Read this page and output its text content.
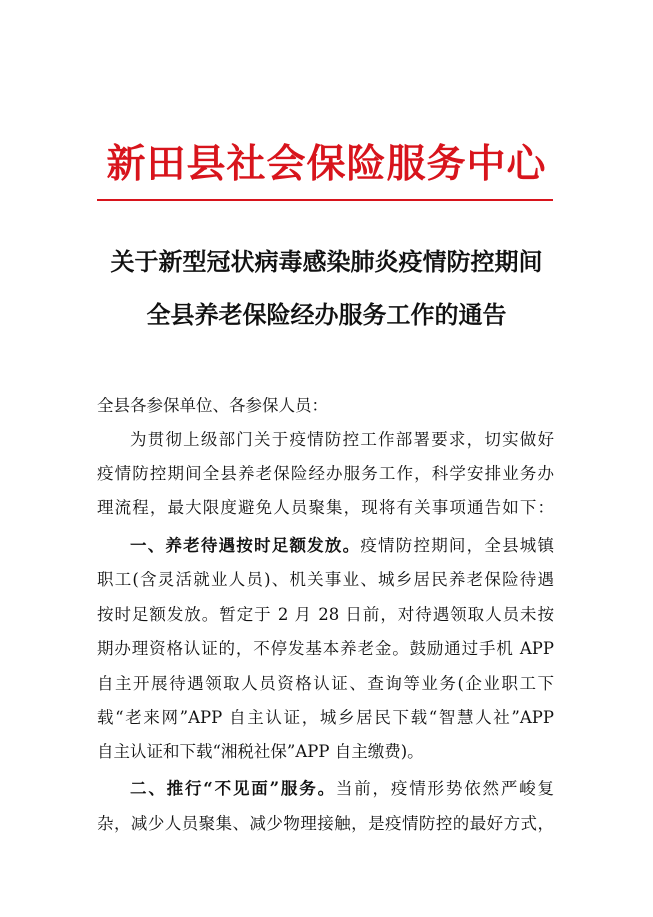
新田县社会保险服务中心
关于新型冠状病毒感染肺炎疫情防控期间
全县养老保险经办服务工作的通告
全县各参保单位、各参保人员：
为贯彻上级部门关于疫情防控工作部署要求，切实做好
疫情防控期间全县养老保险经办服务工作，科学安排业务办
理流程，最大限度避免人员聚集，现将有关事项通告如下：
一、养老待遇按时足额发放。疫情防控期间，全县城镇
职工(含灵活就业人员)、机关事业、城乡居民养老保险待遇
按时足额发放。暂定于 2 月 28 日前，对待遇领取人员未按
期办理资格认证的，不停发基本养老金。鼓励通过手机 APP
自主开展待遇领取人员资格认证、查询等业务(企业职工下
载“老来网”APP 自主认证，城乡居民下载“智慧人社”APP
自主认证和下载“湘税社保”APP 自主缴费)。
二、推行“不见面”服务。当前，疫情形势依然严峻复
杂，减少人员聚集、减少物理接触，是疫情防控的最好方式，
